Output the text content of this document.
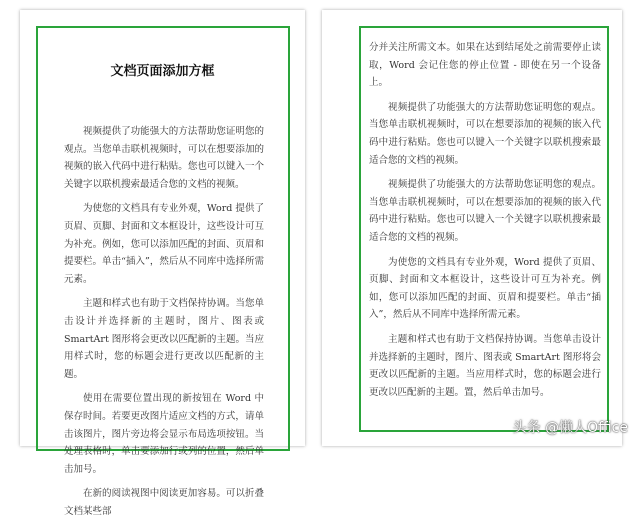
文档页面添加方框

视频提供了功能强大的方法帮助您证明您的观点。当您单击联机视频时，可以在想要添加的视频的嵌入代码中进行粘贴。您也可以键入一个关键字以联机搜索最适合您的文档的视频。

为使您的文档具有专业外观，Word 提供了页眉、页脚、封面和文本框设计，这些设计可互为补充。例如，您可以添加匹配的封面、页眉和提要栏。单击“插入”，然后从不同库中选择所需元素。

主题和样式也有助于文档保持协调。当您单击设计并选择新的主题时，图片、图表或 SmartArt 图形将会更改以匹配新的主题。当应用样式时，您的标题会进行更改以匹配新的主题。

使用在需要位置出现的新按钮在 Word 中保存时间。若要更改图片适应文档的方式，请单击该图片，图片旁边将会显示布局选项按钮。当处理表格时，单击要添加行或列的位置，然后单击加号。

在新的阅读视图中阅读更加容易。可以折叠文档某些部

分并关注所需文本。如果在达到结尾处之前需要停止读取，Word 会记住您的停止位置 - 即使在另一个设备上。

视频提供了功能强大的方法帮助您证明您的观点。当您单击联机视频时，可以在想要添加的视频的嵌入代码中进行粘贴。您也可以键入一个关键字以联机搜索最适合您的文档的视频。

视频提供了功能强大的方法帮助您证明您的观点。当您单击联机视频时，可以在想要添加的视频的嵌入代码中进行粘贴。您也可以键入一个关键字以联机搜索最适合您的文档的视频。

为使您的文档具有专业外观，Word 提供了页眉、页脚、封面和文本框设计，这些设计可互为补充。例如，您可以添加匹配的封面、页眉和提要栏。单击“插入”，然后从不同库中选择所需元素。

主题和样式也有助于文档保持协调。当您单击设计并选择新的主题时，图片、图表或 SmartArt 图形将会更改以匹配新的主题。当应用样式时，您的标题会进行更改以匹配新的主题。置，然后单击加号。

头条 @懒人Office
